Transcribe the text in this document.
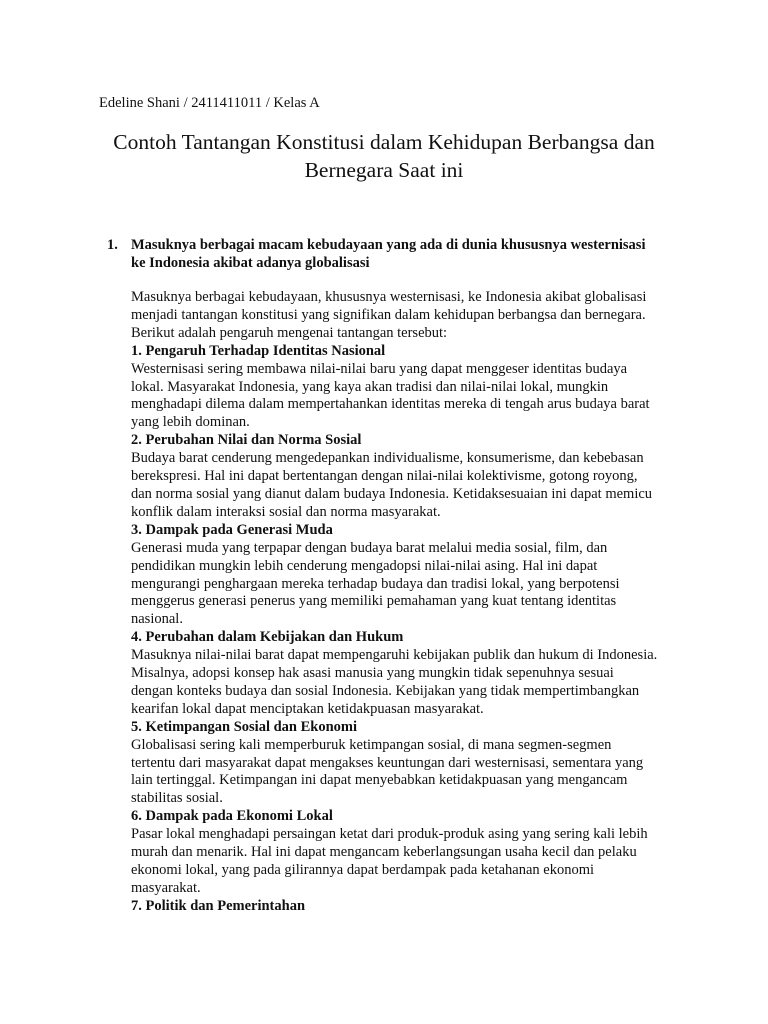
Edeline Shani / 2411411011 / Kelas A
Contoh Tantangan Konstitusi dalam Kehidupan Berbangsa dan
Bernegara Saat ini
1. Masuknya berbagai macam kebudayaan yang ada di dunia khususnya westernisasi
ke Indonesia akibat adanya globalisasi
Masuknya berbagai kebudayaan, khususnya westernisasi, ke Indonesia akibat globalisasi
menjadi tantangan konstitusi yang signifikan dalam kehidupan berbangsa dan bernegara.
Berikut adalah pengaruh mengenai tantangan tersebut:
1. Pengaruh Terhadap Identitas Nasional
Westernisasi sering membawa nilai-nilai baru yang dapat menggeser identitas budaya
lokal. Masyarakat Indonesia, yang kaya akan tradisi dan nilai-nilai lokal, mungkin
menghadapi dilema dalam mempertahankan identitas mereka di tengah arus budaya barat
yang lebih dominan.
2. Perubahan Nilai dan Norma Sosial
Budaya barat cenderung mengedepankan individualisme, konsumerisme, dan kebebasan
berekspresi. Hal ini dapat bertentangan dengan nilai-nilai kolektivisme, gotong royong,
dan norma sosial yang dianut dalam budaya Indonesia. Ketidaksesuaian ini dapat memicu
konflik dalam interaksi sosial dan norma masyarakat.
3. Dampak pada Generasi Muda
Generasi muda yang terpapar dengan budaya barat melalui media sosial, film, dan
pendidikan mungkin lebih cenderung mengadopsi nilai-nilai asing. Hal ini dapat
mengurangi penghargaan mereka terhadap budaya dan tradisi lokal, yang berpotensi
menggerus generasi penerus yang memiliki pemahaman yang kuat tentang identitas
nasional.
4. Perubahan dalam Kebijakan dan Hukum
Masuknya nilai-nilai barat dapat mempengaruhi kebijakan publik dan hukum di Indonesia.
Misalnya, adopsi konsep hak asasi manusia yang mungkin tidak sepenuhnya sesuai
dengan konteks budaya dan sosial Indonesia. Kebijakan yang tidak mempertimbangkan
kearifan lokal dapat menciptakan ketidakpuasan masyarakat.
5. Ketimpangan Sosial dan Ekonomi
Globalisasi sering kali memperburuk ketimpangan sosial, di mana segmen-segmen
tertentu dari masyarakat dapat mengakses keuntungan dari westernisasi, sementara yang
lain tertinggal. Ketimpangan ini dapat menyebabkan ketidakpuasan yang mengancam
stabilitas sosial.
6. Dampak pada Ekonomi Lokal
Pasar lokal menghadapi persaingan ketat dari produk-produk asing yang sering kali lebih
murah dan menarik. Hal ini dapat mengancam keberlangsungan usaha kecil dan pelaku
ekonomi lokal, yang pada gilirannya dapat berdampak pada ketahanan ekonomi
masyarakat.
7. Politik dan Pemerintahan
